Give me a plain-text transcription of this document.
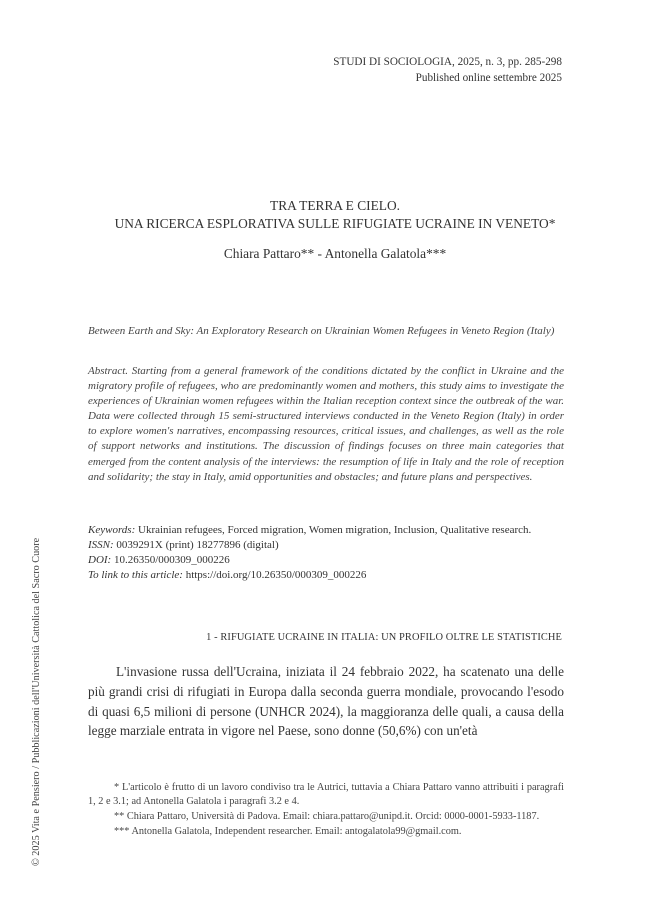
STUDI DI SOCIOLOGIA, 2025, n. 3, pp. 285-298
Published online settembre 2025
TRA TERRA E CIELO.
UNA RICERCA ESPLORATIVA SULLE RIFUGIATE UCRAINE IN VENETO*
Chiara Pattaro** - Antonella Galatola***
Between Earth and Sky: An Exploratory Research on Ukrainian Women Refugees in Veneto Region (Italy)
Abstract. Starting from a general framework of the conditions dictated by the conflict in Ukraine and the migratory profile of refugees, who are predominantly women and mothers, this study aims to investigate the experiences of Ukrainian women refugees within the Italian reception context since the outbreak of the war. Data were collected through 15 semi-structured interviews conducted in the Veneto Region (Italy) in order to explore women's narratives, encompassing resources, critical issues, and challenges, as well as the role of support networks and institutions. The discussion of findings focuses on three main categories that emerged from the content analysis of the interviews: the resumption of life in Italy and the role of reception and solidarity; the stay in Italy, amid opportunities and obstacles; and future plans and perspectives.
Keywords: Ukrainian refugees, Forced migration, Women migration, Inclusion, Qualitative research.
ISSN: 0039291X (print) 18277896 (digital)
DOI: 10.26350/000309_000226
To link to this article: https://doi.org/10.26350/000309_000226
1 - RIFUGIATE UCRAINE IN ITALIA: UN PROFILO OLTRE LE STATISTICHE

L'invasione russa dell'Ucraina, iniziata il 24 febbraio 2022, ha scatenato una delle più grandi crisi di rifugiati in Europa dalla seconda guerra mondiale, provocando l'esodo di quasi 6,5 milioni di persone (UNHCR 2024), la maggioranza delle quali, a causa della legge marziale entrata in vigore nel Paese, sono donne (50,6%) con un'età

* L'articolo è frutto di un lavoro condiviso tra le Autrici, tuttavia a Chiara Pattaro vanno attribuiti i paragrafi 1, 2 e 3.1; ad Antonella Galatola i paragrafi 3.2 e 4.

** Chiara Pattaro, Università di Padova. Email: chiara.pattaro@unipd.it. Orcid: 0000-0001-5933-1187.

*** Antonella Galatola, Independent researcher. Email: antogalatola99@gmail.com.

© 2025 Vita e Pensiero / Pubblicazioni dell'Università Cattolica del Sacro Cuore
